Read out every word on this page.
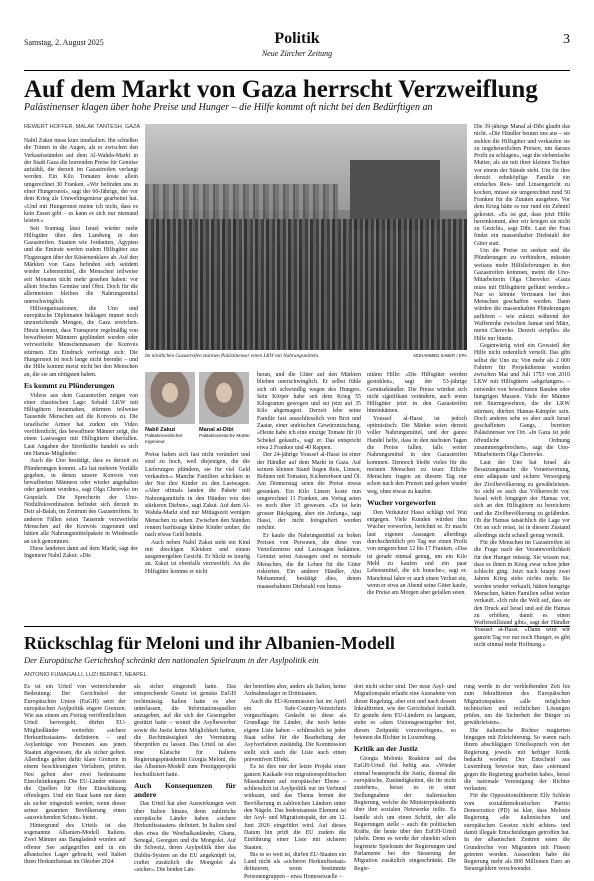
Samstag, 2. August 2025	Politik
Neue Zürcher Zeitung
3
Auf dem Markt von Gaza herrscht Verzweiflung
Palästinenser klagen über hohe Preise und Hunger – die Hilfe kommt oft nicht bei den Bedürftigen an
REWERT HOFFER, MALAK TANTESH, GAZA

Nabil Zakut muss kurz innehalten. Ihn schießen die Tränen in die Augen, als er zwischen den Verkaufsständen auf dem Al-Wahda-Markt in der Stadt Gaza die horrenden Preise für Gemüse aufzählt, die derzeit im Gazastreifen verlangt werden. Ein Kilo Tomaten koste allein umgerechnet 30 Franken. «Wir befinden uns in einer Hungersnot», sagt der 60-Jährige, der vor dem Krieg als Umweltingenieur gearbeitet hat. «Und mit Hungersnot meine ich nicht, dass es kein Essen gibt – es kann es sich nur niemand leisten.»

Seit Sonntag lässt Israel wieder mehr Hilfsgüter über den Landweg in den Gazastreifen. Staaten wie Jordanien, Ägypten und die Emirate werfen zudem Hilfsgüter aus Flugzeugen über der Küstenenklave ab. Auf den Märkten von Gaza befinden sich seitdem wieder Lebensmittel, die Menschen teilweise seit Monaten nicht mehr gesehen haben: vor allem frisches Gemüse und Obst. Doch für die allermeisten bleiben die Nahrungsmittel unerschwinglich.

Hilfsorganisationen, die Uno und europäische Diplomaten beklagen immer noch unzureichende Mengen, die Gaza erreichen. Hinzu kommt, dass Transporte regelmäßig von bewaffneten Männern geplündert werden oder verzweifelte Menschenmassen die Konvois stürmen. Ein Eindruck verfestigt sich: Die Hungersnot ist noch lange nicht beendet – und die Hilfe kommt meist nicht bei den Menschen an, die sie am nötigsten haben.

Es kommt zu Plünderungen

Videos aus dem Gazastreifen zeigen von einer chaotischen Lage: Sobald LKW mit Hilfsgütern herannahen, stürmen teilweise Tausende Menschen auf die Konvois zu. Die israelische Armee hat zudem ein Video veröffentlicht, das bewaffnete Männer zeigt, die einen Lastwagen mit Hilfsgütern überfallen. Laut Angaben der Streitkräfte handelt es sich um Hamas-Mitglieder.

Auch die Uno bestätigt, dass es derzeit zu Plünderungen kommt. «Es hat mehrere Vorfälle gegeben, in denen unsere Konvois von bewaffneten Männern oder wieder angehalten oder geräumt wurden», sagt Olga Cherevko im Gespräch. Die Sprecherin der Uno-Nothilfekoordination befindet sich derzeit in Deir al-Balah, im Zentrum des Gazastreifens. In anderen Fällen seien Tausende verzweifelte Menschen auf die Konvois zugerannt und hätten alle Nahrungsmittelpakete in Windeseile an sich genommen.

Diese landeten dann auf dem Markt, sagt der Ingenieur Nabil Zakut: «Die

Im nördlichen Gazastreifen stürmen Palästinenser einen LKW mit Nahrungsmitteln.	MOHAMMED SABER / EPA
Nabil Zakut
Palästinensischer Ingenieur
Manal al-Dibi
Palästinensische Mutter

Preise haben sich fast nicht verändert und sind zu hoch, weil diejenigen, die die Lieferungen plündern, sie für viel Geld verkaufen.» Manche Familien schickten in der Not ihre Kinder zu den Lastwagen. «Aber oftmals landen die Pakete mit Nahrungsmitteln in den Händen von den stärkeren Dieben», sagt Zakut. Auf dem Al-Wahda-Markt sind nur Mittagszeit wenigen Menschen zu sehen. Zwischen den Ständen rennen barfüssige kleine Kinder umher, die nach etwas Geld betteln.

Auch neben Nabil Zakut steht ein Kind mit dreckigen Kleidern und einem ausgemergelten Gesicht. Er blickt es traurig an. Zakut ist ebenfalls verzweifelt. An die Hilfsgüter komme er nicht

heran, und die Güter auf den Märkten blieben unerschwinglich. Er selbst fühle sich oft schwindlig wegen des Hungers. Sein Körper habe seit dem Krieg 55 Kilogramm gewogen und sei jetzt auf 35 Kilo abgemagert. Derzeit lebe seine Familie fast ausschliesslich von Brot und Zaatar, einer arabischen Gewürzmischung. «Heute habe ich eine einzige Tomate für 10 Schekel gekauft», sagt er. Das entspricht etwa 2 Franken und 40 Rappen.

Der 24-jährige Youssef al-Hassi ist einer der Händler auf dem Markt in Gaza. Auf seinem kleinen Stand liegen Reis, Linsen, Bohnen mit Tomaten, Kichererbsen und Öl. Am Donnerstag seien die Preise etwas gesunken. Ein Kilo Linsen koste nun umgerechnet 11 Franken, am Vortag seien es noch über 15 gewesen. «Es ist kein grosser Rückgang, aber ein Anfang», sagt Hassi, der nicht fotografiert werden möchte.

Er kaufe die Nahrungsmittel zu hohen Preisen von Personen, die diese von Verteilzentren und Lastwagen bekämen. Genutzt seien Aussagen sind es normale Menschen, die ihr Leben für die Güter riskierten. Ein anderer Händler, Abu Mohammed, bestätigt dies, denen maassebahnen Diebstahl von huma-

nitärer Hilfe: «Die Hilfsgüter werden gestohlen», sagt der 53-jährige Gemüsehändler. Die Preise würden sich nicht signifikant verändern, auch wenn Hilfsgüter jetzt in den Gazastreifen hineinkämen.

Youssef al-Hassi ist jedoch optimistisch: Die Märkte seien derzeit voller Nahrungsmittel, und der ganze Handel helfe, dass in den nächsten Tagen die Preise fallen, falls weiter Nahrungsmittel in den Gazastreifen kommen. Dennoch bleibt vieles für die meisten Menschen zu teuer. Etliche Menschen fragen an diesem Tag nur schon nach den Preisen und gehen wieder weg, ohne etwas zu kaufen.

Wucher vorgeworfen

Den Verkäufer Hassi schlägt viel Wut entgegen. Viele Kunden würden ihm Wucher vorwerfen, berichtet er. Er macht laut eigenen Aussagen allerdings durchschnittlich pro Tag nur einen Profit von umgerechnet 12 bis 17 Franken. «Das ist gerade einmal genug, um ein Kilo Mehl zu kaufen und ein paar Lebensmittel, die ich brauche», sagt er. Manchmal fahre er auch einen Verlust ein, wenn er etwa an Abend seine Güter kaufe, die Preise am Morgen aber gefallen seien.

Die 39-jährige Manal al-Dibi glaubt das nicht. «Die Händler beuten uns aus – sie stehlen die Hilfsgüter und verkaufen sie zu ungeheuerlichen Preisen, um daraus Profit zu schlagen», sagt die siebenfache Mutter, als sie mit ihrer kleinen Tochter vor einem der Stände steht. Um für ihre derzeit zehnköpfige Familie ein einfaches Reis- und Linsengericht zu kochen, müsse sie umgerechnet rund 50 Franken für die Zutaten ausgeben. Vor dem Krieg hätte es nur rund ein Zehntel gekostet. «Es ist gut, dass jetzt Hilfe hereinkommt, aber wir kriegen sie nicht zu Gesicht», sagt Dibi. Laut der Frau findet ein massenhafter Diebstahl der Güter statt.

Um die Preise zu senken und die Plünderungen zu verhindern, müssten weitaus mehr Hilfslieferungen in den Gazastreifen kommen, meint die Uno-Mitarbeiterin Olga Cherevko: «Gaza muss mit Hilfsgütern geflutet werden.» Nur so könnte Vertrauen bei den Menschen geschaffen werden. Dann würden die massenhaften Plünderungen aufhören – wie zuletzt während der Waffenruhe zwischen Januar und März, meint Cherevko. Derzeit «tröpfle» die Hilfe nur hinein.

Gegenwärtig wird ein Grossteil der Hilfe nicht ordentlich verteilt. Das gibt selbst die Uno zu: Von mehr als 2 000 Fahrten für Projektdienste wurden zwischen Mai und Juli 1753 von 2010 LKW mit Hilfsgütern «abgefangen» – entweder von bewaffneten Banden oder hungrigen Massen. Viele der Männer mit Sturmgewehren, die die LKW stürmen, dürften Hamas-Kämpfer sein. Doch anderes sehe es aber auch Israel geschaffenen Gangs, bereiten Palästinenser vor Ort. «In Gaza ist jede öffentliche Ordnung zusammengebrochen», sagt die Uno-Mitarbeiterin Olga Cherevko.

Laut der Uno hat Israel als Besatzungsmacht die Verantwortung, eine adäquate und sichere Versorgung der Zivilbevölkerung zu gewährleisten. So sieht es auch das Völkerrecht vor. Israel wirft hingegen der Hamas vor, sich an den Hilfsgütern zu bereichern und die Zivilbevölkerung zu gefährden. Ob die Hamas tatsächlich die Lage vor Ort an sich reisst, ist in diesem Zustand allerdings nicht schnell genug verteilt.

Für die Menschen im Gazastreifen ist die Frage nach der Verantwortlichkeit für den Hunger müssig. Sie wissen nur, dass es ihnen in Krieg zwar schon jeher schlecht ging. Jetzt nach knapp zwei Jahren Krieg stehe nichts mehr. Sie werden wieder verkauft, hätten hungrige Menschen, hätten Familien selbst weiter verkauft. «Ich rufe die Welt auf, dass sie den Druck auf Israel und auf die Hamas zu erhöhen, damit es einen Waffenstillstand gibt», sagt der Händler Youssef al-Hassi. «Dann wird wir ganzen Tag vor nur noch Hunger, es gibt nicht einmal mehr Hoffnung.»

Rückschlag für Meloni und ihr Albanien-Modell
Der Europäische Gerichtshof schränkt den nationalen Spielraum in der Asylpolitik ein
ANTONIO FUMAGALLI, LUZI BERNET, NEAPEL

Es ist ein Urteil von weitreichender Bedeutung: Der Gerichtshof der Europäischen Union (EuGH) setzt der europäischen Asylpolitik engere Grenzen. Wie aus einem am Freitag veröffentlichten Urteil hervorgeht, dürfen EU-Mitgliedländer weiterhin «sichere Herkunftsstaaten» definieren – und Asylanträge von Personen aus jenen Staaten abgewiesen, die als sicher gelten. Allerdings gelten dafür klare Grenzen in einem beschleunigten Verfahren, prüfen. Neu gelten aber zwei bedeutsame Einschränkungen: Die EU-Länder müssen die Quellen für ihre Einschätzung offenlegen. Und ein Staat kann nur dann als sicher eingestuft werden, wenn dieser seiner gesamten Bevölkerung einen «ausreichenden Schutz» bietet.

Hintergrund des Urteils ist das sogenannte Albanien-Modell Italiens. Zwei Männer aus Bangladesh wurden auf offener See aufgegriffen und in ein albanisches Lager gebracht, weil Italien ihren Herkunftsstaat im Oktober 2024

als sicher eingestuft hatte. Das entsprechende Gesetz ist gemäss EuGH rechtmässig. Italien hatte es aber unterlassen, die Informationsquellen anzugeben, auf die sich der Gesetzgeber gestützt hatte – womit die Asylbewerber sowie die Justiz keine Möglichkeit hatten, die Rechtmässigkeit der Vermutung überprüfen zu lassen. Das Urteil ist also eine Klatsche für Italiens Regierungspräsidentin Giorgia Meloni, die das Albanien-Modell zum Prestigeprojekt hochstilisiert hatte.

Auch Konsequenzen für andere

Das Urteil hat aber Auswirkungen weit über Italien hinaus, denn zahlreiche europäische Länder haben «sichere Herkunftsstaaten» definiert. In Italien sind dies etwa die Westbalkanländer, Ghana, Senegal, Georgien und die Mongolei. Auf die Schweiz, deren Asylpolitik über das Dublin-System an die EU angeknüpft ist, craftet zusätzlich die Mongolei als «sicher». Die beiden Län-

der betreiben aber, anders als Italien, keine Aufnahmelager in Drittstaaten.

Auch die EU-Kommission hat im April ein Safe-Country-Verzeichnis vorgeschlagen. Gedacht ist diese als Grundlage für Länder, die noch keine eigene Liste haben – schliesslich ist jeder Staat selbst für die Bearbeitung der Asylverfahren zuständig. Die Kommission stellt sich auch die Liste auch einen präventiven Effekt.

Es ist dies nur der letzte Projekt einer ganzen Kaskade von migrationspolitischen Massnahmen auf europäischer Ebene – schliesslich ist Asylpolitik nur im Verbund wirksam, und das Thema brennt der Bevölkerung in zahlreichen Ländern unter den Nägeln. Das bedeutsamste Element ist der Asyl- und Migrationspakt, der am 12. Juni 2026 eingeführt wird. Auf dieses Datum hin prüft die EU zudem die Einführung einer Liste mit sicheren Staaten.

Bis es so weit ist, dürfen EU-Staaten ein Land nicht als «sicheren Herkunftsstaat» definieren, wenn bestimmte Personengruppen – etwa Homosexuelle –

dort nicht sicher sind. Der neue Asyl- und Migrationspakt erlaubt eine Ausnahme von dieser Regelung, aber erst und nach dessen Inkrafttreten, wie der Gerichtshof festhält. Er gesteht dem EU-Ländern zu langsam, stehe es «dem Unionsgesetzgeber frei, diesen Zeitpunkt vorzuverlegen», so betonen die Richter in Luxemburg.

Kritik an der Justiz

Giorgia Melonis Reaktion auf das EuGH-Urteil fiel heftig aus. «Wieder einmal beansprucht die Justiz, diesmal die europäische, Zuständigkeiten, die ihr nicht zustehen», heisst es in einer Stellungnahme der italienischen Regierung, welche die Ministerpräsidentin über ihre sozialen Netzwerke teilte. Es handle sich um einen Schritt, der alle Regierungen stelle – auch die politischen Kräfte, die heute über den EuGH-Urteil jubeln. Denn es werde der ohnehin schon begrenzte Spielraum der Regierungen und Parlamente bei der Steuerung der Migration zusätzlich eingeschränkt. Die Regie-

rung werde in der verbleibenden Zeit bis zum Inkrafttreten des Europäischen Migrationspaktes «alle möglichen technischen und rechtlichen Lösungen prüfen, um die Sicherheit der Bürger zu gewährleisten».

Die italienische Richter reagierten hingegen mit Erleichterung. So waren nach ihrem abschlägigen Urteilsspruch von der Regierung jeweils mit heftiger Kritik bedacht worden. Der Entscheid aus Luxemburg beweise nun, dass «niemand gegen die Regierung gearbeitet habe», heisst die nationale Vereinigung der Richter verlauten.

Für die Oppositionsführerin Elly Schlein vom sozialdemokratischen Partito Democratico (PD) ist klar, dass Melonis Regierung «die italienischen und europäischen Gesetze nicht achten» und damit illegale Entscheidungen getroffen hat. In der albanischen Zentren seien die Grundrechte von Migranten mit Füssen getreten worden. Ausserdem habe die Regierung mehr als 800 Millionen Euro an Steuergeldern verschwendet.
